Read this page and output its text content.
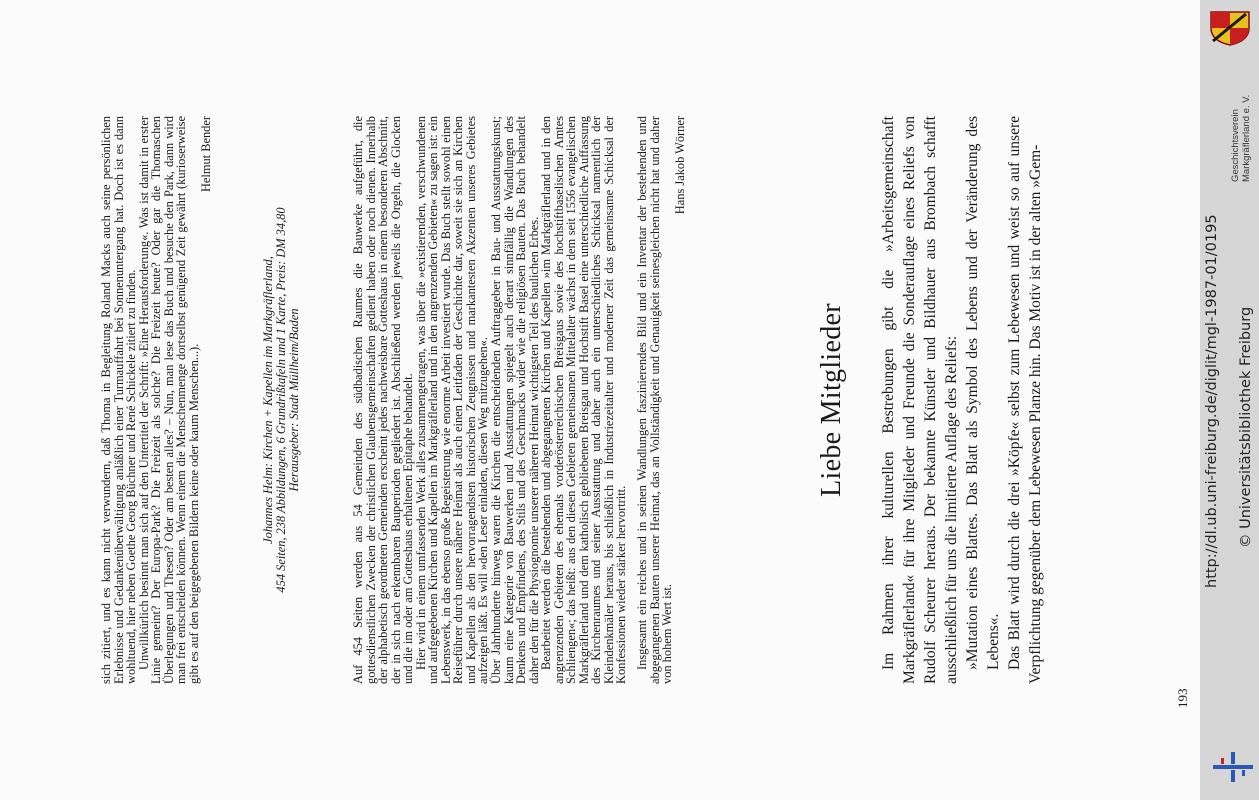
sich zitiert, und es kann nicht verwundern, daß Thoma in Begleitung Roland Macks auch seine persönlichen Erlebnisse und Gedankenüberwältigung anläßlich einer Turmauffahrt bei Sonnenuntergang hat. Doch ist es dann wohltuend, hier neben Goethe Georg Büchner und René Schickele zitiert zu finden.

Unwillkürlich besinnt man sich auf den Untertitel der Schrift: »Eine Herausforderung«. Was ist damit in erster Linie gemeint? Der Europa-Park? Die Freizeit als solche? Die Freizeit heute? Oder gar die Thomaschen Überlegungen und Thesen? Oder am besten alles? – Nun, man lese das Buch und besuche den Park, dann wird man frei entscheiden können. Wenn einem die Menschenmenge dortselbst genügend Zeit gewährt (kurioserweise gibt es auf den beigegebenen Bildern keine oder kaum Menschen...).

Helmut Bender

Johannes Helm: Kirchen + Kapellen im Markgräflerland, 454 Seiten, 238 Abbildungen, 6 Grundrißtafeln und 1 Karte, Preis: DM 34,80 Herausgeber: Stadt Müllheim/Baden	Auf 454 Seiten werden aus 54 Gemeinden des südbadischen Raumes die Bauwerke aufgeführt, die gottesdienstlichen Zwecken der christlichen Glaubensgemeinschaften gedient haben oder noch dienen. Innerhalb der alphabetisch geordneten Gemeinden erscheint jedes nachweisbare Gotteshaus in einem besonderen Abschnitt, der in sich nach erkennbaren Bauperioden gegliedert ist. Abschließend werden jeweils die Orgeln, die Glocken und die im oder am Gotteshaus erhaltenen Epitaphe behandelt.

Hier wird in einem umfassenden Werk alles zusammengetragen, was über die »existierenden, verschwundenen und aufgegebenen Kirchen und Kapellen im Markgräflerland und in den angrenzenden Gebieten« zu sagen ist: ein Lebenswerk, in das ebenso große Begeisterung wie enorme Arbeit investiert wurde. Das Buch stellt sowohl einen Reiseführer durch unsere nähere Heimat als auch einen Leitfaden der Geschichte dar, soweit sie sich an Kirchen und Kapellen als den hervorragendsten historischen Zeugnissen und markantesten Akzenten unseres Gebietes aufzeigen läßt. Es will »den Leser einladen, diesen Weg mitzugehen«.

Über Jahrhunderte hinweg waren die Kirchen die entscheidenden Auftraggeber in Bau- und Ausstattungskunst; kaum eine Kategorie von Bauwerken und Ausstattungen spiegelt auch derart sinnfällig die Wandlungen des Denkens und Empfindens, des Stils und des Geschmacks wider wie die religiösen Bauten. Das Buch behandelt daher den für die Physiognomie unserer näheren Heimat wichtigsten Teil des baulichen Erbes.

Bearbeitet werden die bestehenden und abgegangenen Kirchen und Kapellen »im Markgräflerland und in den angrenzenden Gebieten des ehemals vorderösterreichischen Breisgaus sowie des hochstiftbaselischen Amtes Schliengen«; das heißt: aus den diesen Gebieten gemeinsamen Mittelalter wächst in dem seit 1556 evangelischen Markgräflerland und dem katholisch gebliebenen Breisgau und Hochstift Basel eine unterschiedliche Auffassung des Kirchenraumes und seiner Ausstattung und daher auch ein unterschiedliches Schicksal namentlich der Kleindenkmäler heraus, bis schließlich in Industriezeitalter und moderner Zeit das gemeinsame Schicksal der Konfessionen wieder stärker hervortritt. Insgesamt ein reiches und in seinen Wandlungen faszinierendes Bild und ein Inventar der bestehenden und abgegangenen Bauten unserer Heimat, das an Vollständigkeit und Genauigkeit seinesgleichen nicht hat und daher von hohem Wert ist.

Hans Jakob Wörner

Liebe Mitglieder Im Rahmen ihrer kulturellen Bestrebungen gibt die »Arbeitsgemeinschaft Markgräflerland« für ihre Mitglieder und Freunde die Sonderauflage eines Reliefs von Rudolf Scheurer heraus. Der bekannte Künstler und Bildhauer aus Brombach schafft ausschließlich für uns die limitierte Auflage des Reliefs: »Mutation eines Blattes. Das Blatt als Symbol des Lebens und der Veränderung des Lebens«. Das Blatt wird durch die drei »Köpfe« selbst zum Lebewesen und weist so auf unsere Verpflichtung gegenüber dem Lebewesen Planze hin. Das Motiv ist in der alten »Gem-

193
Geschichtsverein Markgräflerland e. V.
http://dl.ub.uni-freiburg.de/diglit/mgl-1987-01/0195 © Universitätsbibliothek Freiburg
